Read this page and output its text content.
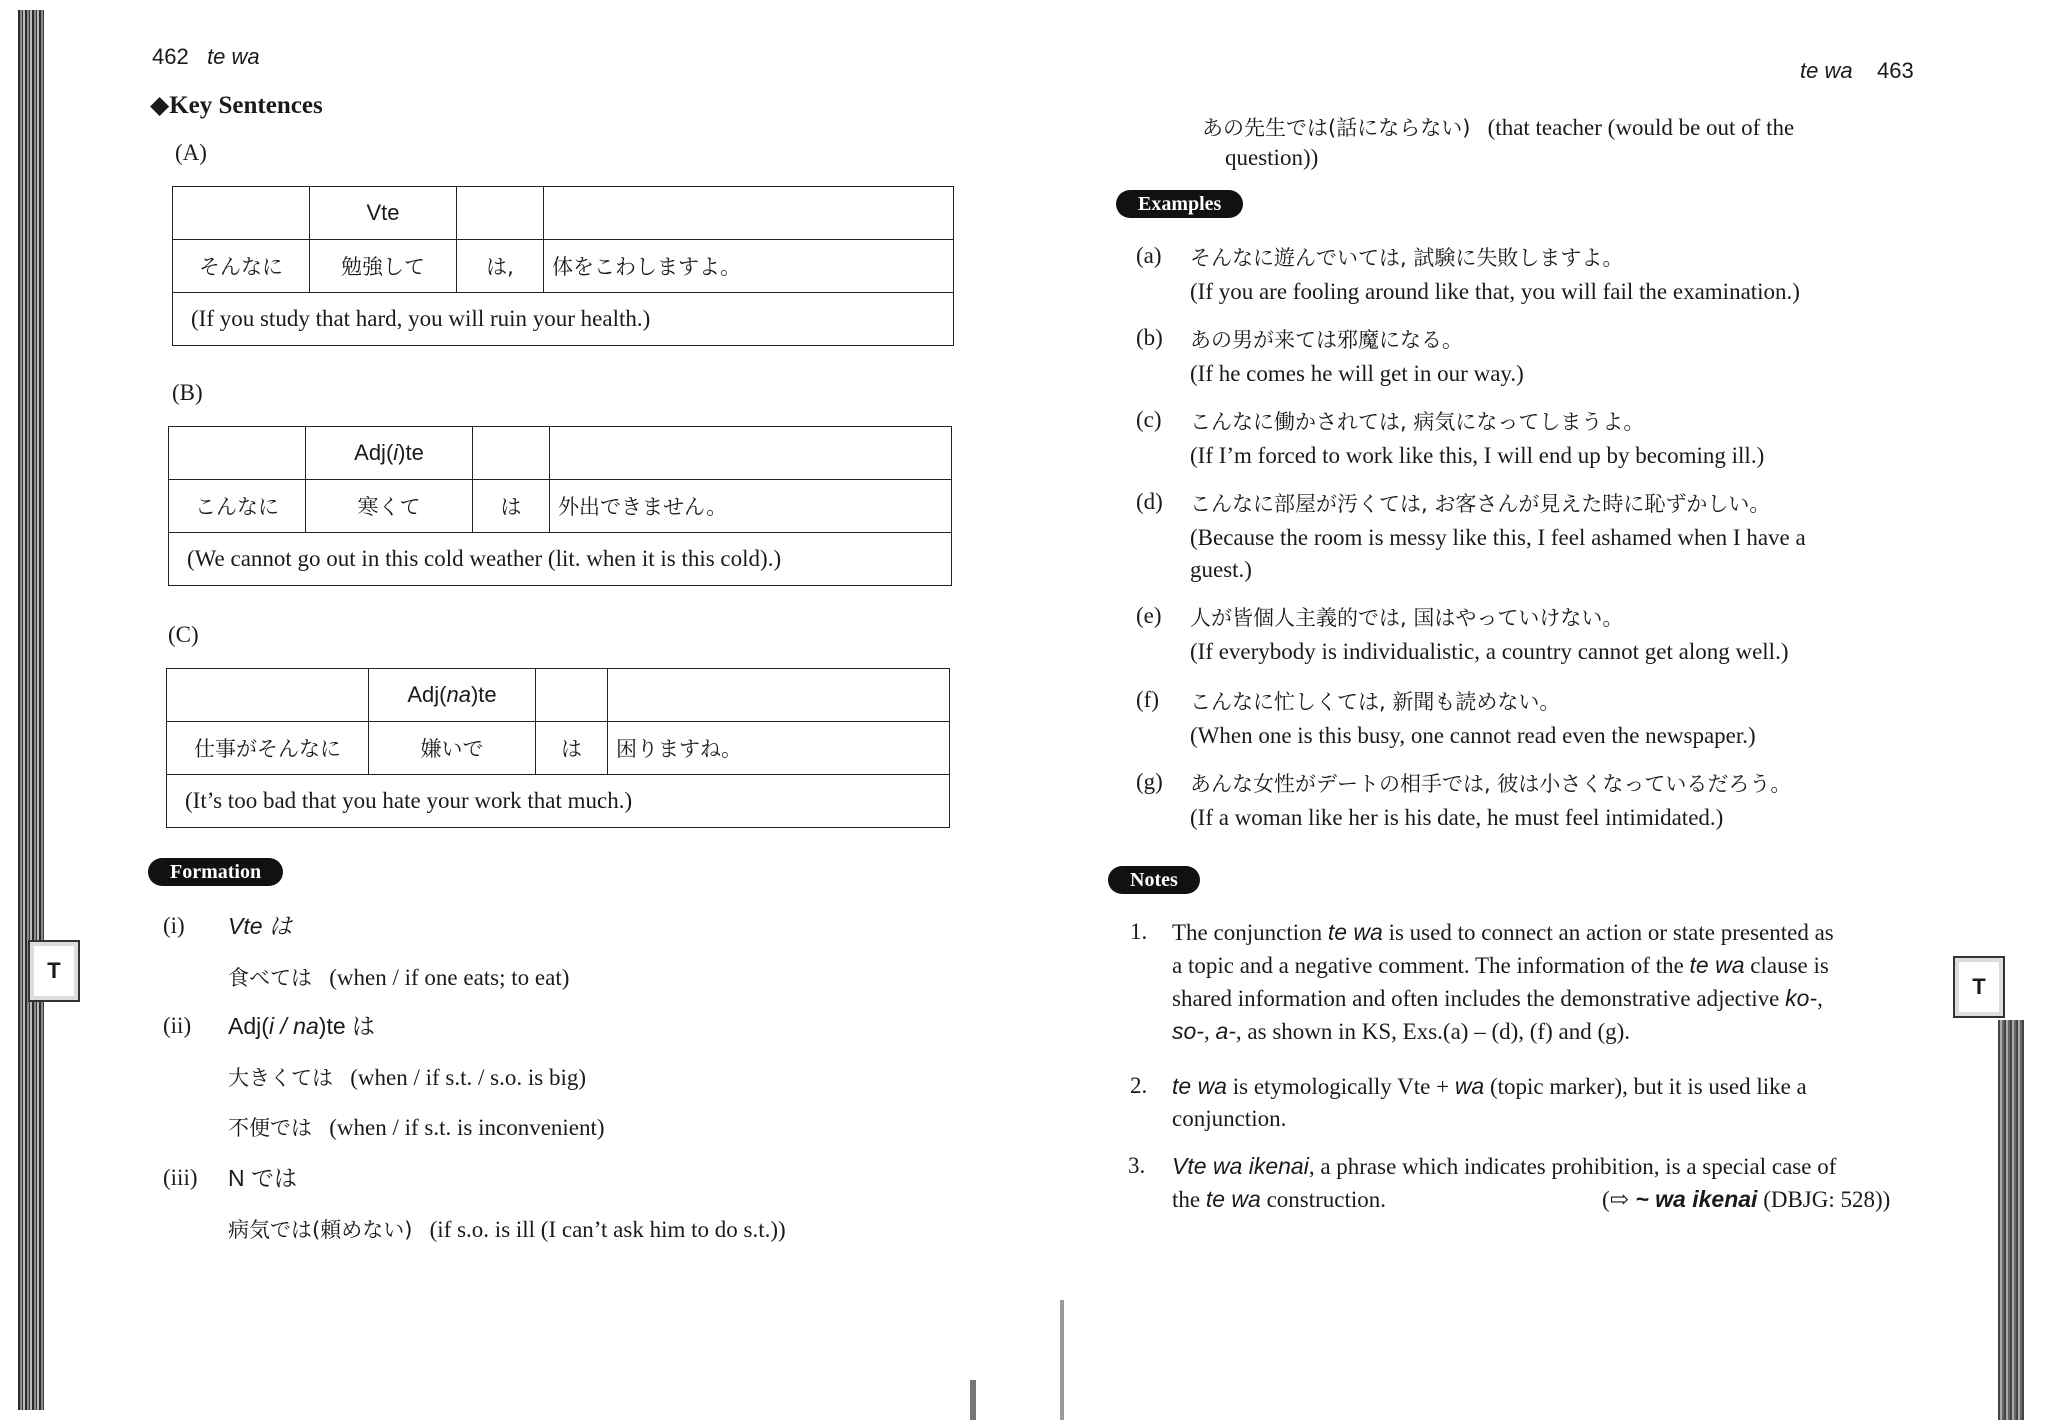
462 te wa
◆Key Sentences
(A)
	Vte		
そんなに	勉強して	は,	体をこわしますよ。
(If you study that hard, you will ruin your health.)			
(B)
	Adj(i)te		
こんなに	寒くて	は	外出できません。
(We cannot go out in this cold weather (lit. when it is this cold).)			
(C)
	Adj(na)te		
仕事がそんなに	嫌いで	は	困りますね。
(It’s too bad that you hate your work that much.)			
Formation
(i) Vte は
食べては (when / if one eats; to eat)
(ii) Adj(i / na)te は
大きくては (when / if s.t. / s.o. is big)
不便では (when / if s.t. is inconvenient)
(iii) N では
病気では(頼めない) (if s.o. is ill (I can’t ask him to do s.t.))
T
te wa 463
あの先生では(話にならない) (that teacher (would be out of the
question))
Examples
(a) そんなに遊んでいては, 試験に失敗しますよ。
(If you are fooling around like that, you will fail the examination.)
(b) あの男が来ては邪魔になる。
(If he comes he will get in our way.)
(c) こんなに働かされては, 病気になってしまうよ。
(If I’m forced to work like this, I will end up by becoming ill.)
(d) こんなに部屋が汚くては, お客さんが見えた時に恥ずかしい。
(Because the room is messy like this, I feel ashamed when I have a
guest.)
(e) 人が皆個人主義的では, 国はやっていけない。
(If everybody is individualistic, a country cannot get along well.)
(f) こんなに忙しくては, 新聞も読めない。
(When one is this busy, one cannot read even the newspaper.)
(g) あんな女性がデートの相手では, 彼は小さくなっているだろう。
(If a woman like her is his date, he must feel intimidated.)
Notes
1. The conjunction te wa is used to connect an action or state presented as
a topic and a negative comment. The information of the te wa clause is
shared information and often includes the demonstrative adjective ko-,
so-, a-, as shown in KS, Exs.(a) – (d), (f) and (g).
2. te wa is etymologically Vte + wa (topic marker), but it is used like a
conjunction.
3. Vte wa ikenai, a phrase which indicates prohibition, is a special case of
the te wa construction.	(⇨ ~ wa ikenai (DBJG: 528))
T
